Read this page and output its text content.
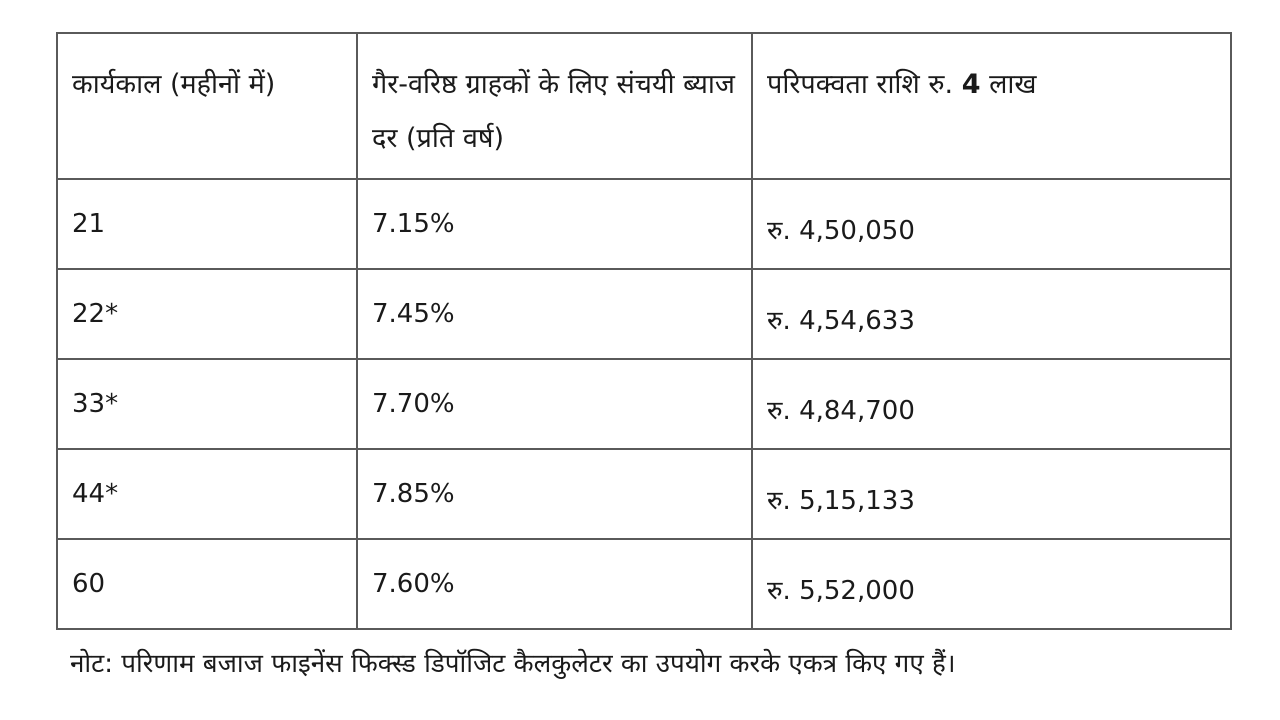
कार्यकाल (महीनों में)	गैर-वरिष्ठ ग्राहकों के लिए संचयी ब्याज दर (प्रति वर्ष)	परिपक्वता राशि रु. 4 लाख

21	7.15%	रु. 4,50,050
22*	7.45%	रु. 4,54,633
33*	7.70%	रु. 4,84,700
44*	7.85%	रु. 5,15,133
60	7.60%	रु. 5,52,000
नोट: परिणाम बजाज फाइनेंस फिक्स्ड डिपॉजिट कैलकुलेटर का उपयोग करके एकत्र किए गए हैं।
